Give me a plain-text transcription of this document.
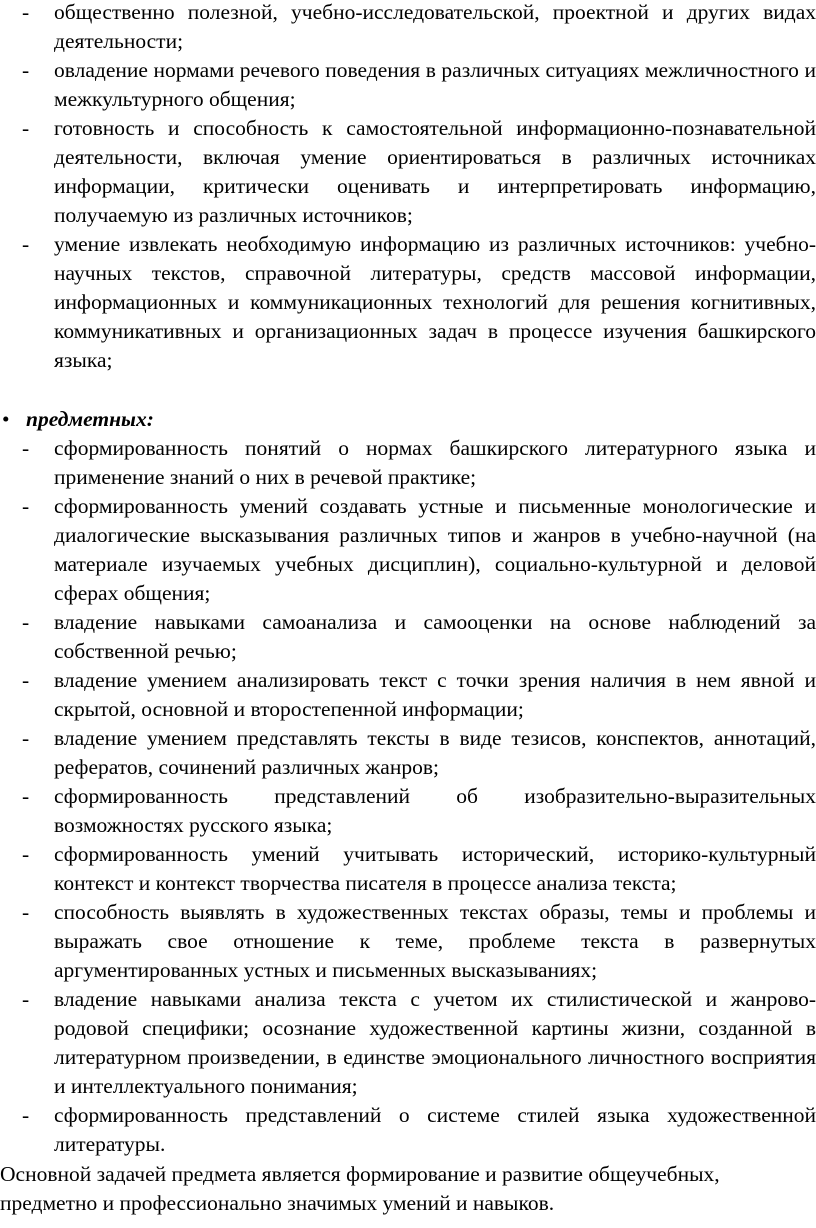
- общественно полезной, учебно-исследовательской, проектной и других видах деятельности;
- овладение нормами речевого поведения в различных ситуациях межличностного и межкультурного общения;
- готовность и способность к самостоятельной информационно-познавательной деятельности, включая умение ориентироваться в различных источниках информации, критически оценивать и интерпретировать информацию, получаемую из различных источников;
- умение извлекать необходимую информацию из различных источников: учебно-научных текстов, справочной литературы, средств массовой информации, информационных и коммуникационных технологий для решения когнитивных, коммуникативных и организационных задач в процессе изучения башкирского языка;
• предметных:
- сформированность понятий о нормах башкирского литературного языка и применение знаний о них в речевой практике;
- сформированность умений создавать устные и письменные монологические и диалогические высказывания различных типов и жанров в учебно-научной (на материале изучаемых учебных дисциплин), социально-культурной и деловой сферах общения;
- владение навыками самоанализа и самооценки на основе наблюдений за собственной речью;
- владение умением анализировать текст с точки зрения наличия в нем явной и скрытой, основной и второстепенной информации;
- владение умением представлять тексты в виде тезисов, конспектов, аннотаций, рефератов, сочинений различных жанров;
- сформированность представлений об изобразительно-выразительных возможностях русского языка;
- сформированность умений учитывать исторический, историко-культурный контекст и контекст творчества писателя в процессе анализа текста;
- способность выявлять в художественных текстах образы, темы и проблемы и выражать свое отношение к теме, проблеме текста в развернутых аргументированных устных и письменных высказываниях;
- владение навыками анализа текста с учетом их стилистической и жанрово-родовой специфики; осознание художественной картины жизни, созданной в литературном произведении, в единстве эмоционального личностного восприятия и интеллектуального понимания;
- сформированность представлений о системе стилей языка художественной литературы.

Основной задачей предмета является формирование и развитие общеучебных, предметно и профессионально значимых умений и навыков.
